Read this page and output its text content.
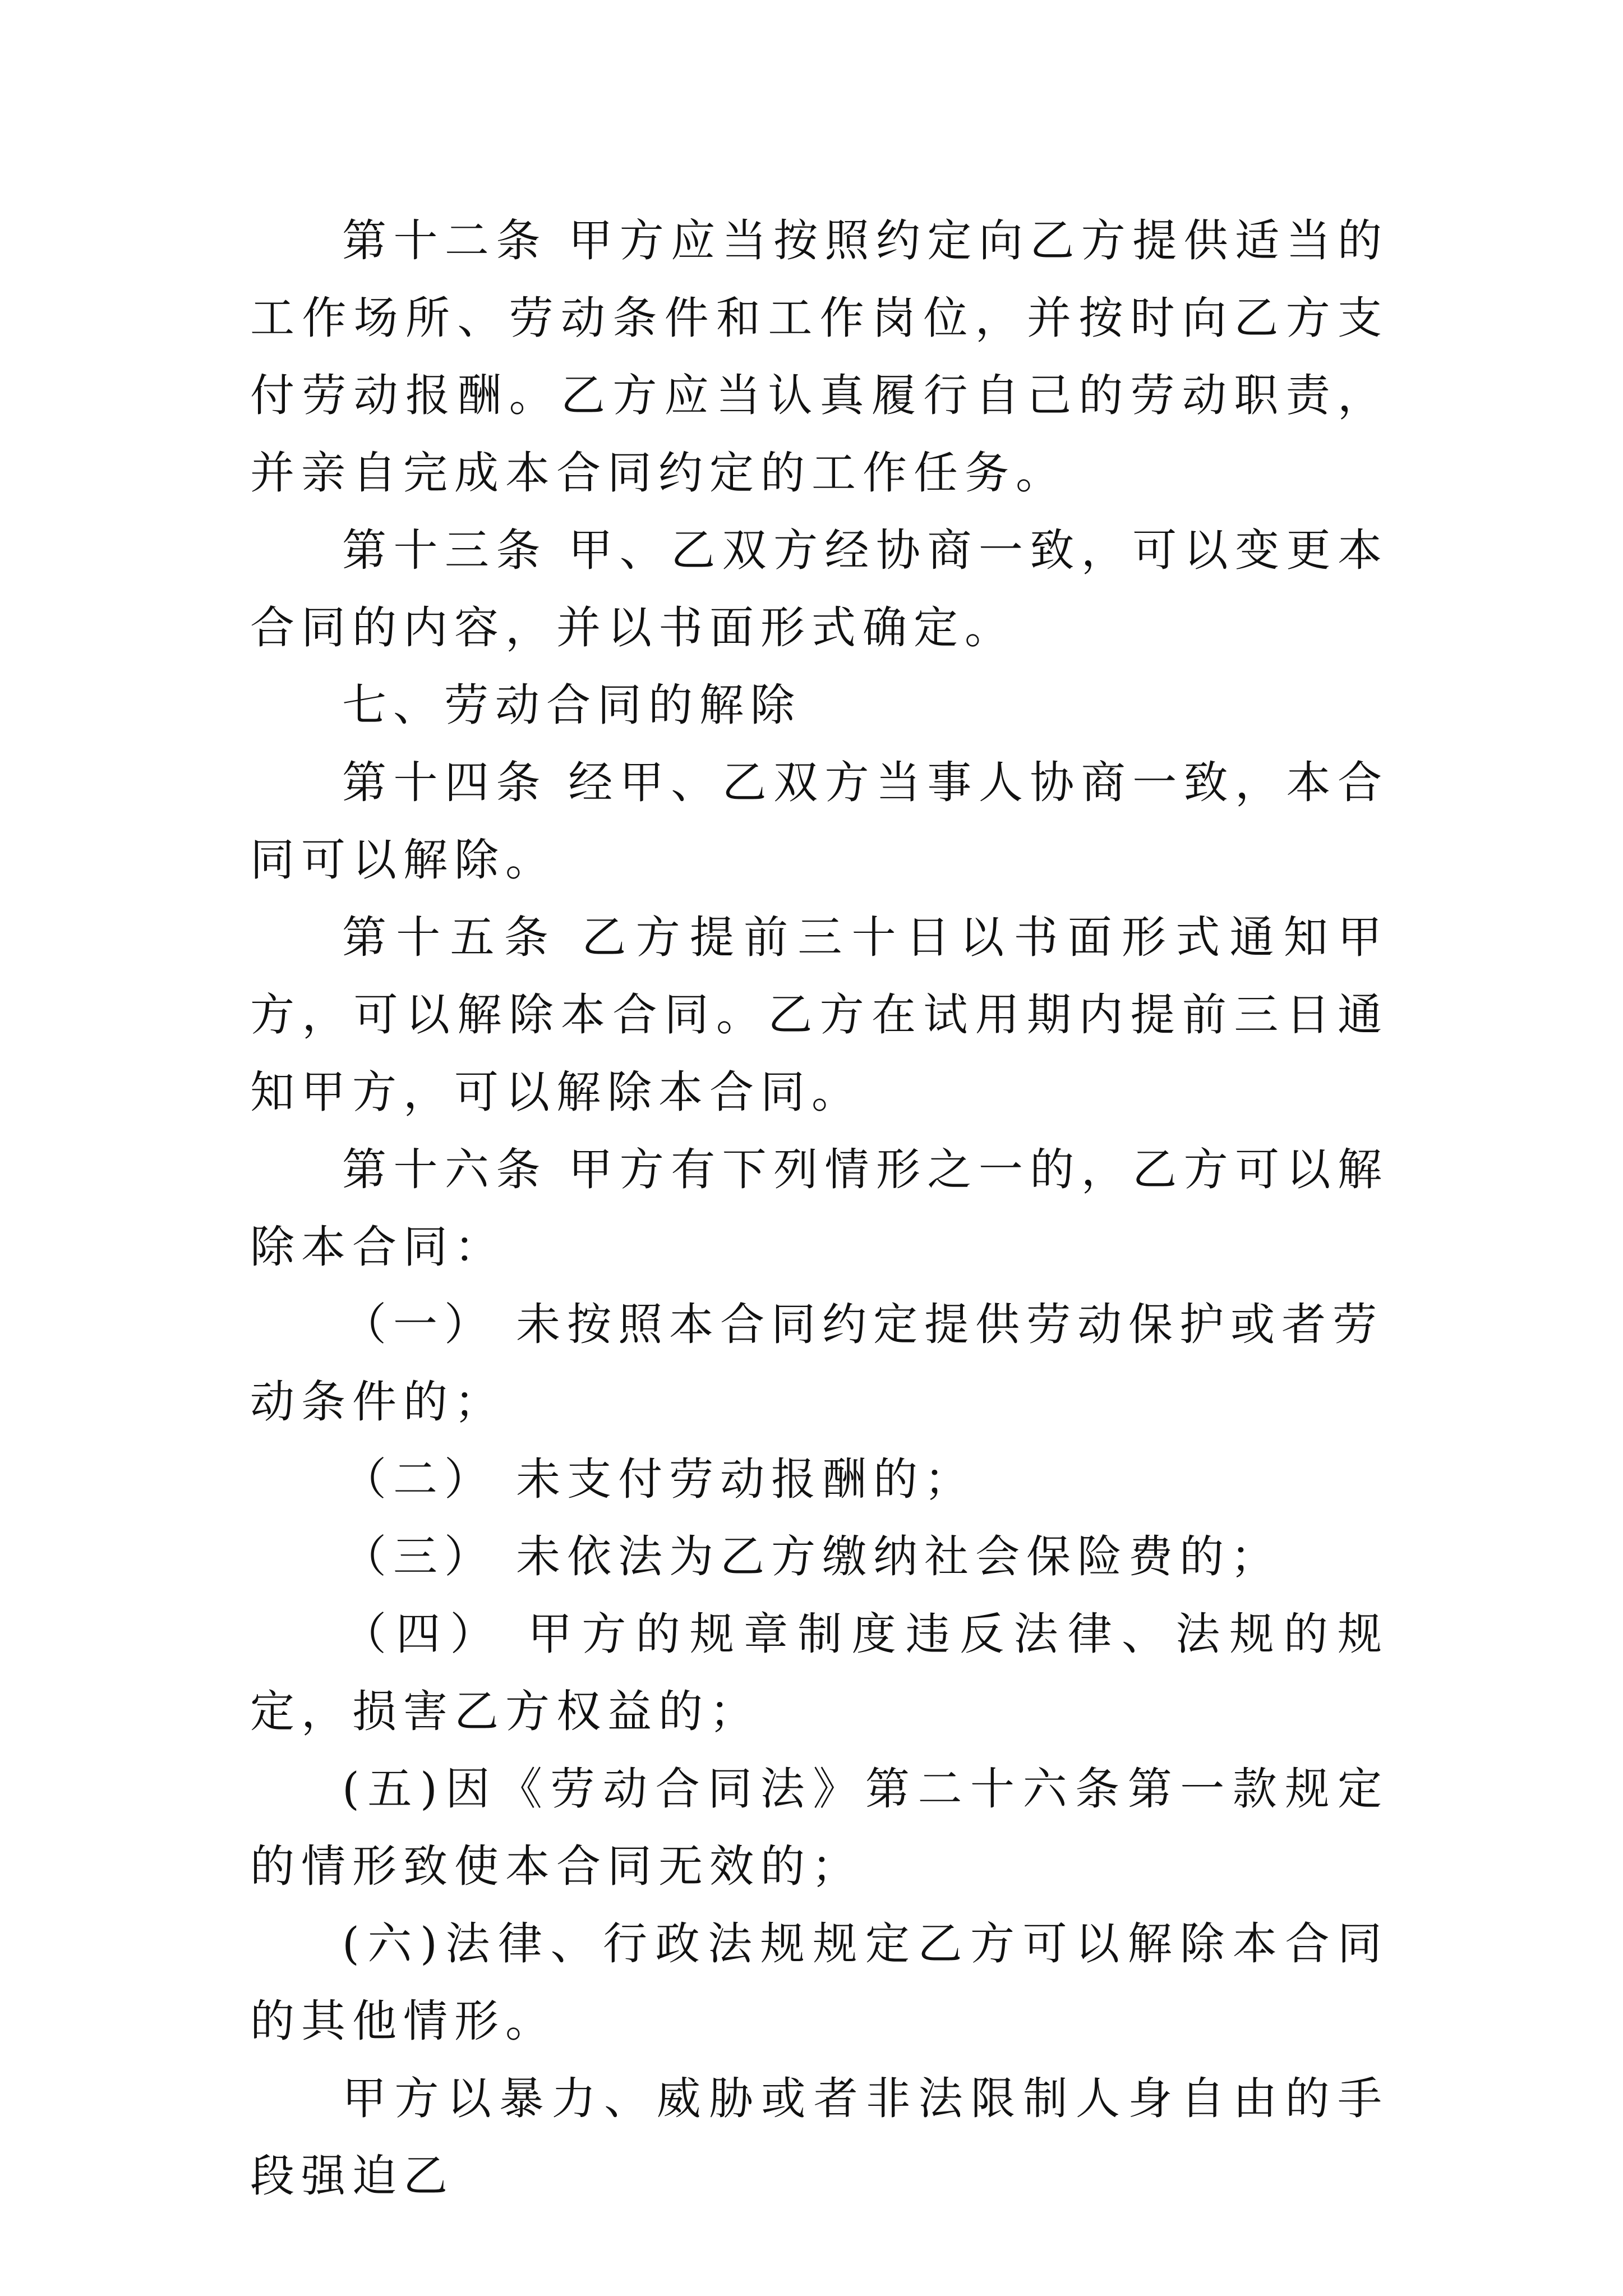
第十二条 甲方应当按照约定向乙方提供适当的工作场所、劳动条件和工作岗位，并按时向乙方支付劳动报酬。乙方应当认真履行自己的劳动职责，并亲自完成本合同约定的工作任务。

第十三条 甲、乙双方经协商一致，可以变更本合同的内容，并以书面形式确定。

七、劳动合同的解除

第十四条 经甲、乙双方当事人协商一致，本合同可以解除。

第十五条 乙方提前三十日以书面形式通知甲方，可以解除本合同。乙方在试用期内提前三日通知甲方，可以解除本合同。

第十六条 甲方有下列情形之一的，乙方可以解除本合同：

（一） 未按照本合同约定提供劳动保护或者劳动条件的；

（二） 未支付劳动报酬的；

（三） 未依法为乙方缴纳社会保险费的；

（四） 甲方的规章制度违反法律、法规的规定，损害乙方权益的；

(五)因《劳动合同法》第二十六条第一款规定的情形致使本合同无效的；

(六)法律、行政法规规定乙方可以解除本合同的其他情形。

甲方以暴力、威胁或者非法限制人身自由的手段强迫乙
